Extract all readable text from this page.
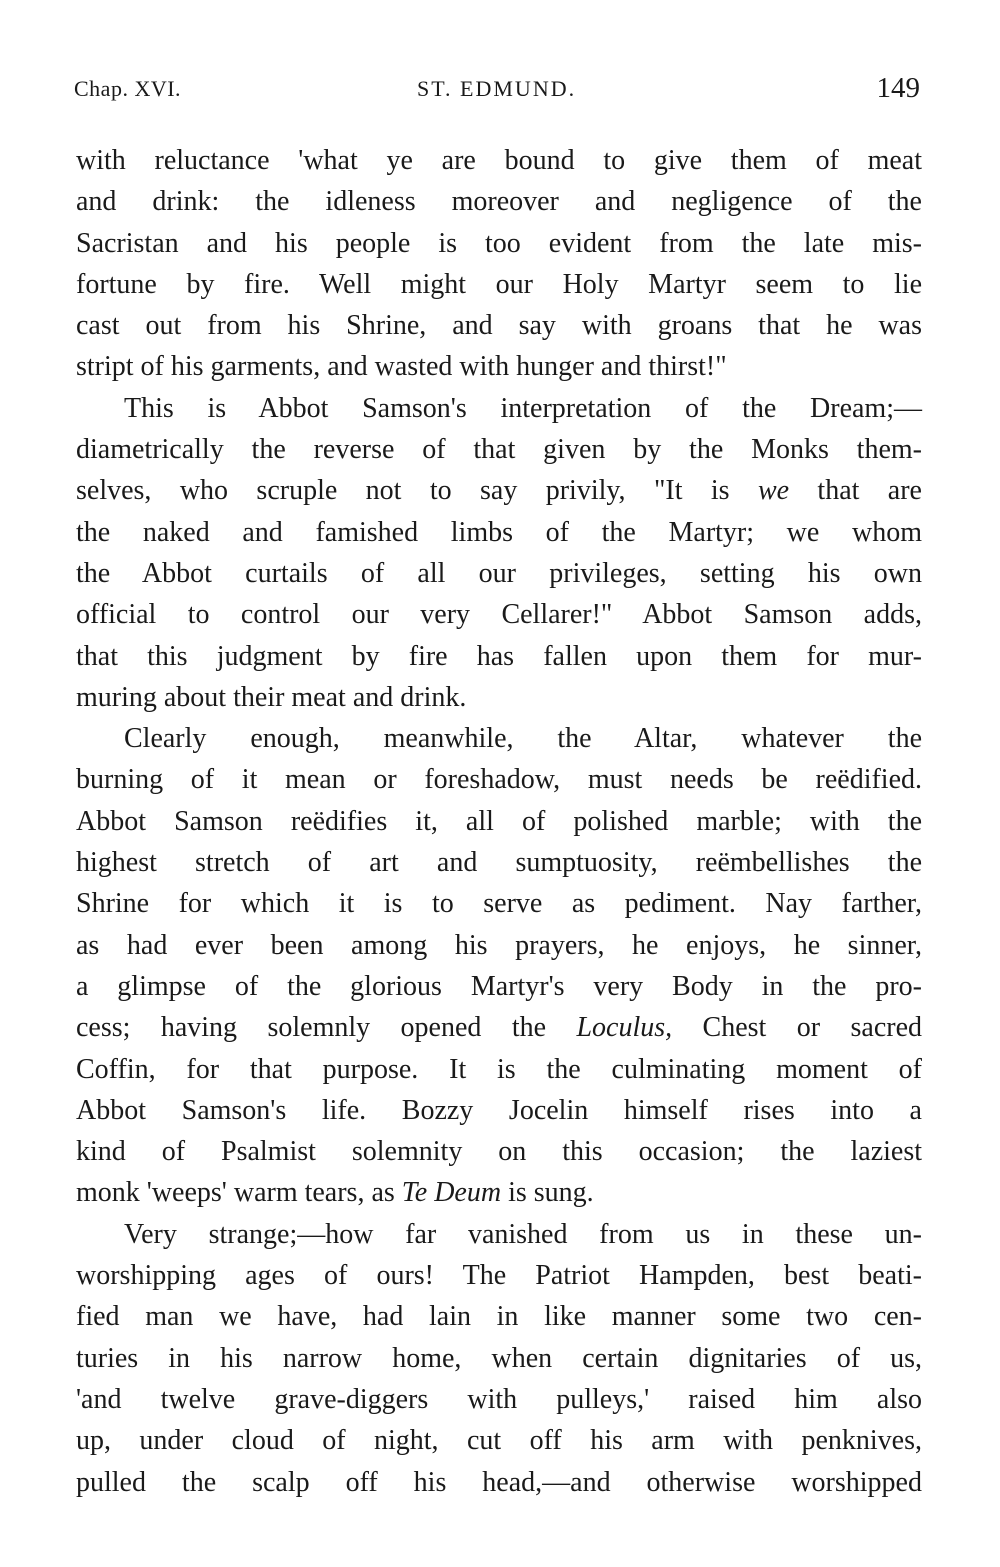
Chap. XVI.	ST. EDMUND.	149
with reluctance 'what ye are bound to give them of meat
and drink: the idleness moreover and negligence of the
Sacristan and his people is too evident from the late mis-
fortune by fire. Well might our Holy Martyr seem to lie
cast out from his Shrine, and say with groans that he was
stript of his garments, and wasted with hunger and thirst!"
This is Abbot Samson's interpretation of the Dream;—
diametrically the reverse of that given by the Monks them-
selves, who scruple not to say privily, "It is we that are
the naked and famished limbs of the Martyr; we whom
the Abbot curtails of all our privileges, setting his own
official to control our very Cellarer!" Abbot Samson adds,
that this judgment by fire has fallen upon them for mur-
muring about their meat and drink.
Clearly enough, meanwhile, the Altar, whatever the
burning of it mean or foreshadow, must needs be reëdified.
Abbot Samson reëdifies it, all of polished marble; with the
highest stretch of art and sumptuosity, reëmbellishes the
Shrine for which it is to serve as pediment. Nay farther,
as had ever been among his prayers, he enjoys, he sinner,
a glimpse of the glorious Martyr's very Body in the pro-
cess; having solemnly opened the Loculus, Chest or sacred
Coffin, for that purpose. It is the culminating moment of
Abbot Samson's life. Bozzy Jocelin himself rises into a
kind of Psalmist solemnity on this occasion; the laziest
monk 'weeps' warm tears, as Te Deum is sung.
Very strange;—how far vanished from us in these un-
worshipping ages of ours! The Patriot Hampden, best beati-
fied man we have, had lain in like manner some two cen-
turies in his narrow home, when certain dignitaries of us,
'and twelve grave-diggers with pulleys,' raised him also
up, under cloud of night, cut off his arm with penknives,
pulled the scalp off his head,—and otherwise worshipped
